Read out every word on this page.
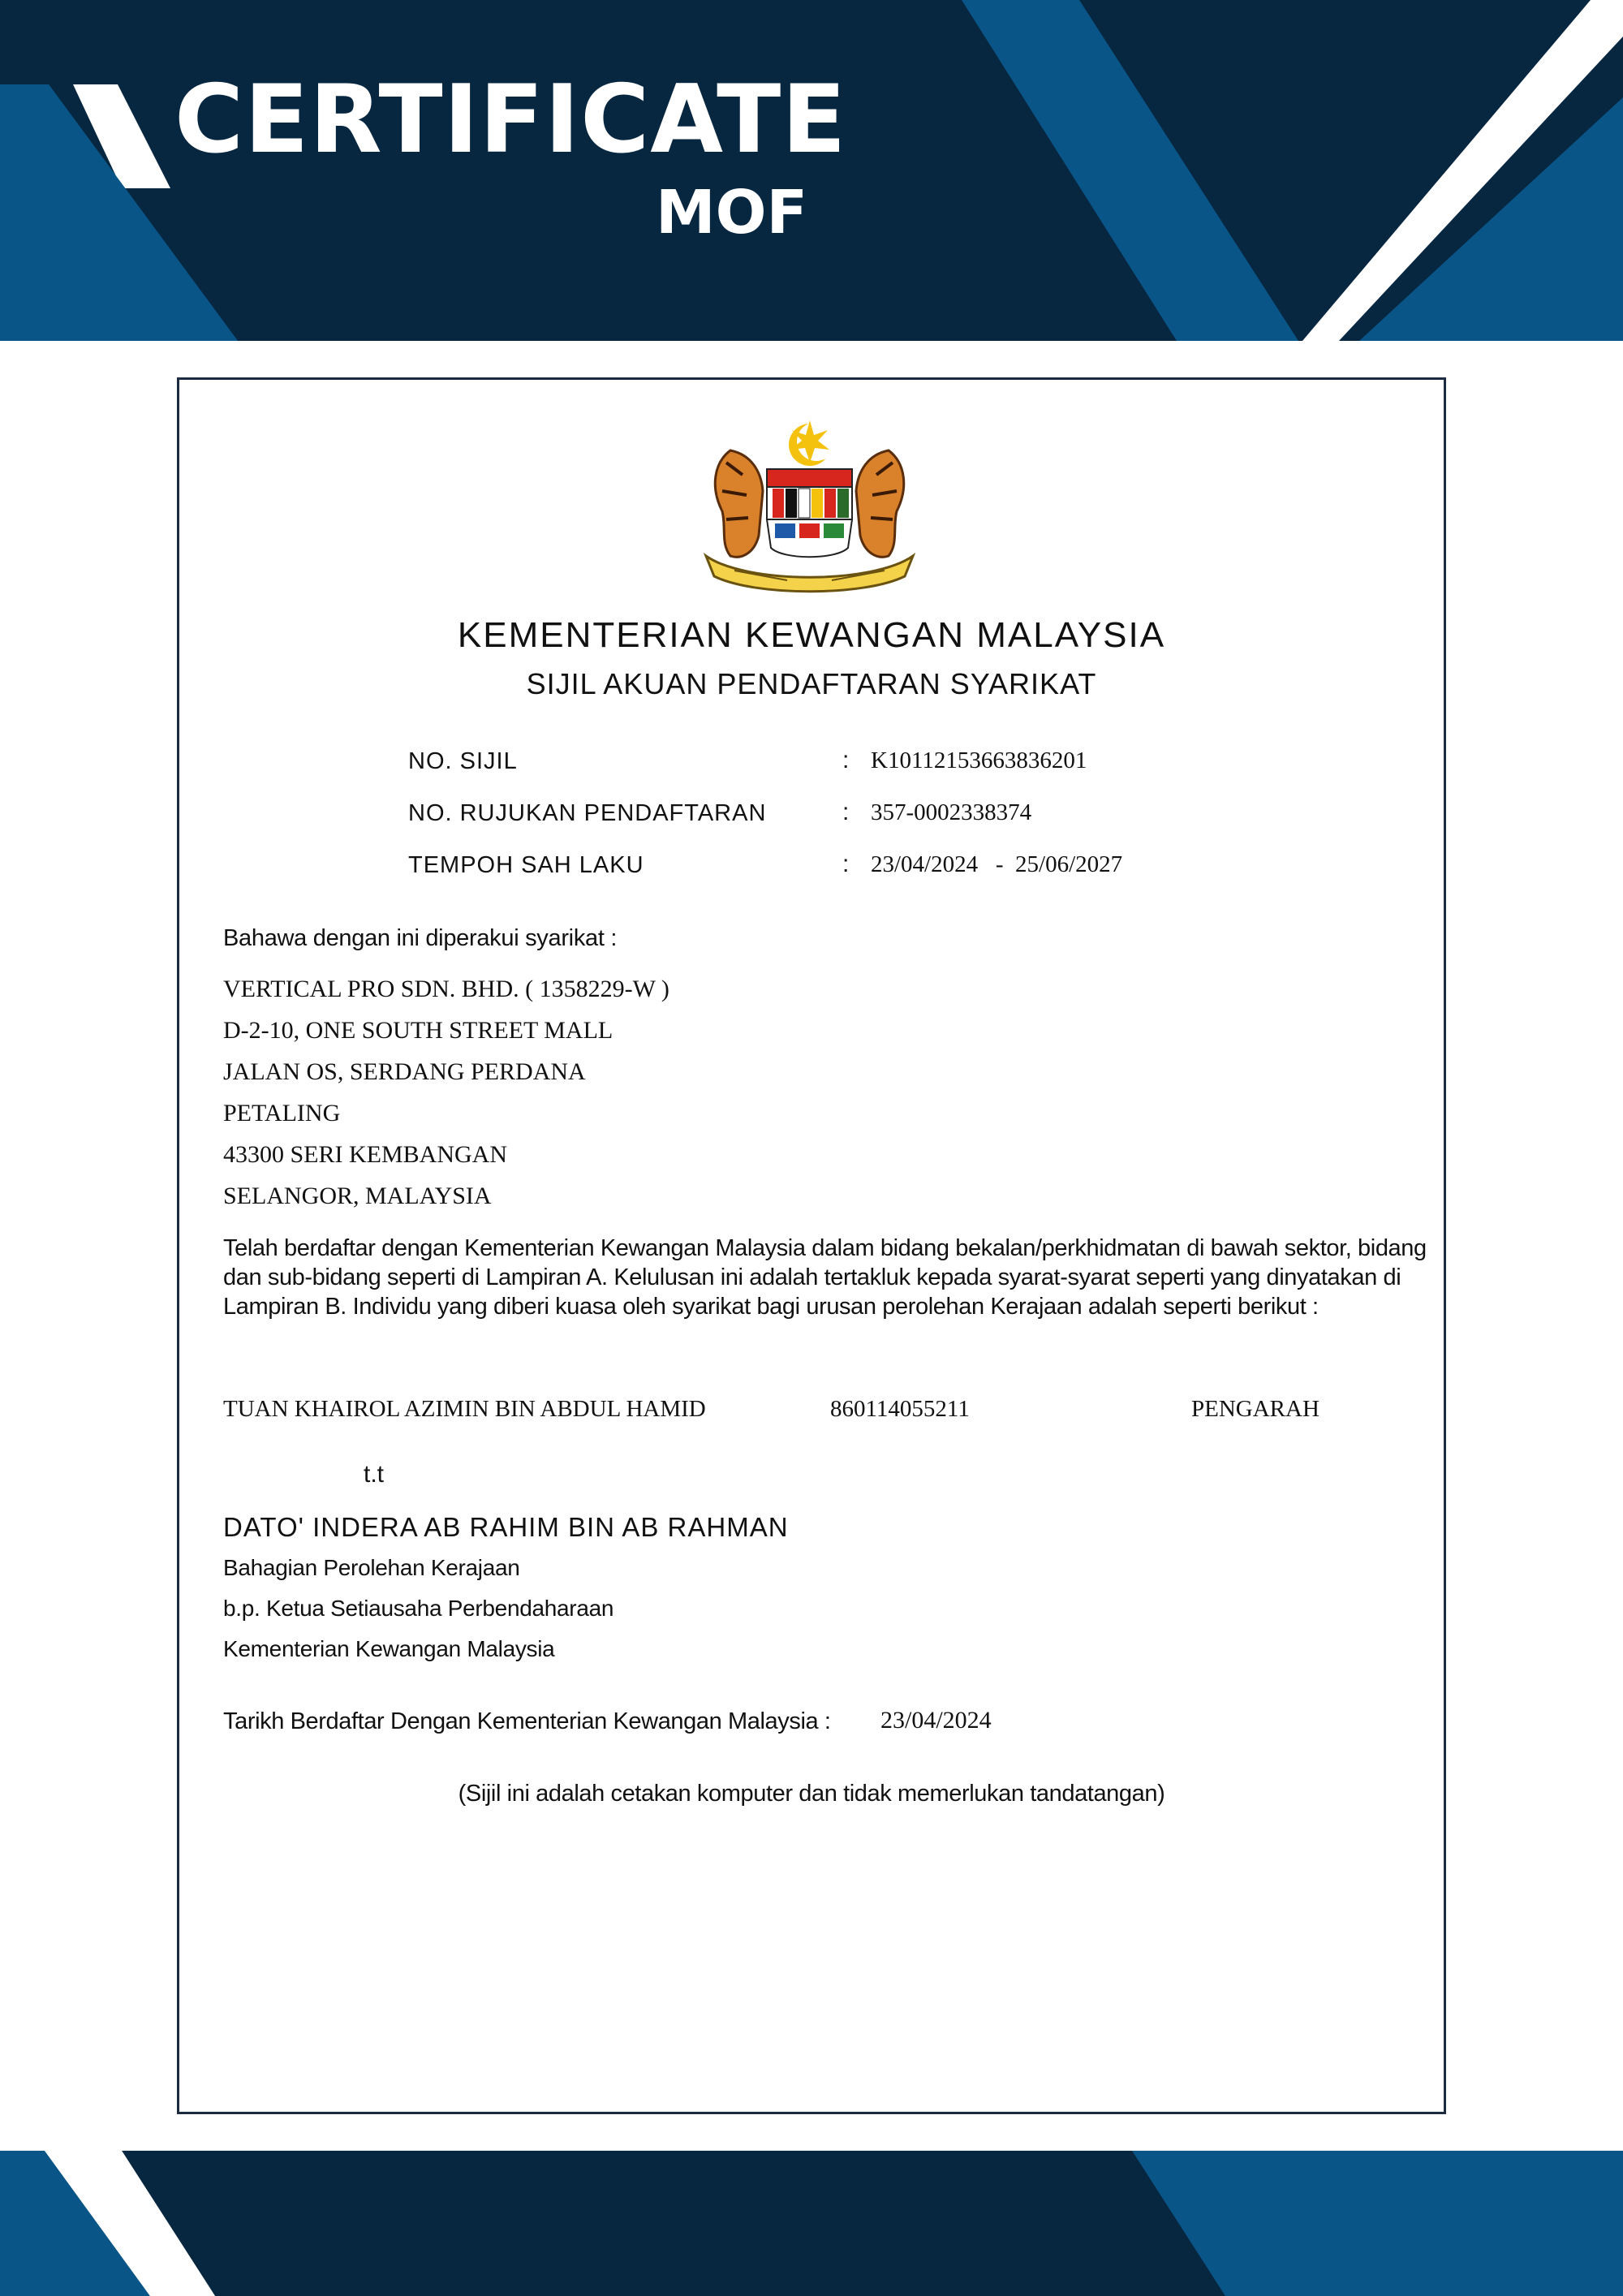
CERTIFICATE
MOF
KEMENTERIAN KEWANGAN MALAYSIA
SIJIL AKUAN PENDAFTARAN SYARIKAT
NO. SIJIL	: K10112153663836201
NO. RUJUKAN PENDAFTARAN	: 357-0002338374
TEMPOH SAH LAKU	: 23/04/2024   -  25/06/2027
Bahawa dengan ini diperakui syarikat :
VERTICAL PRO SDN. BHD. ( 1358229-W )
D-2-10, ONE SOUTH STREET MALL
JALAN OS, SERDANG PERDANA
PETALING
43300 SERI KEMBANGAN
SELANGOR, MALAYSIA
Telah berdaftar dengan Kementerian Kewangan Malaysia dalam bidang bekalan/perkhidmatan di bawah sektor, bidang
dan sub-bidang seperti di Lampiran A. Kelulusan ini adalah tertakluk kepada syarat-syarat seperti yang dinyatakan di
Lampiran B. Individu yang diberi kuasa oleh syarikat bagi urusan perolehan Kerajaan adalah seperti berikut :
TUAN KHAIROL AZIMIN BIN ABDUL HAMID	860114055211	PENGARAH
t.t
DATO' INDERA AB RAHIM BIN AB RAHMAN
Bahagian Perolehan Kerajaan
b.p. Ketua Setiausaha Perbendaharaan
Kementerian Kewangan Malaysia
Tarikh Berdaftar Dengan Kementerian Kewangan Malaysia : 23/04/2024
(Sijil ini adalah cetakan komputer dan tidak memerlukan tandatangan)
